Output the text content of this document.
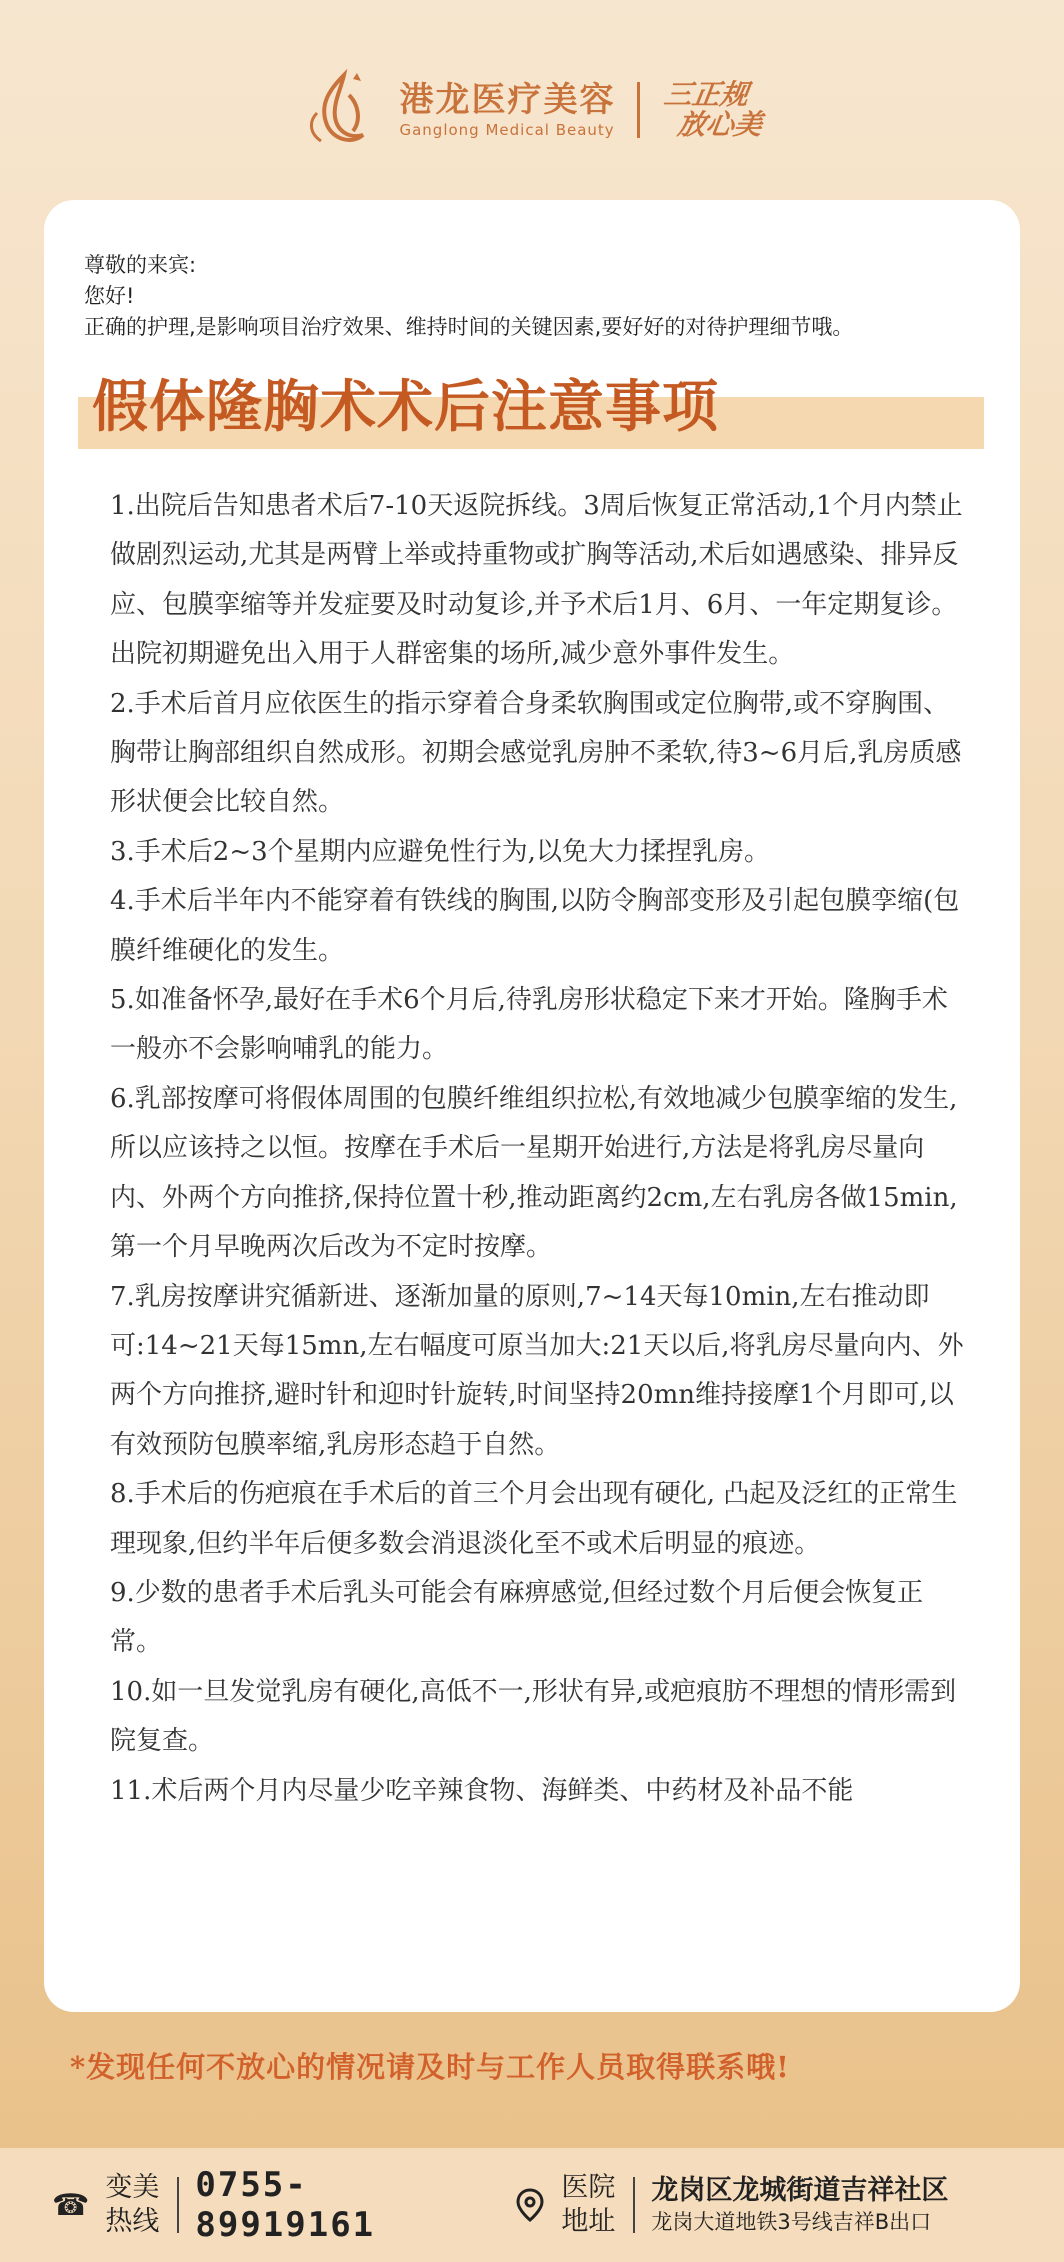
港龙医疗美容
Ganglong Medical Beauty
三正规
放心美
尊敬的来宾:
您好!
正确的护理,是影响项目治疗效果、维持时间的关键因素,要好好的对待护理细节哦。
假体隆胸术术后注意事项

1.出院后告知患者术后7-10天返院拆线。3周后恢复正常活动,1个月内禁止做剧烈运动,尤其是两臂上举或持重物或扩胸等活动,术后如遇感染、排异反应、包膜挛缩等并发症要及时动复诊,并予术后1月、6月、一年定期复诊。出院初期避免出入用于人群密集的场所,减少意外事件发生。

2.手术后首月应依医生的指示穿着合身柔软胸围或定位胸带,或不穿胸围、胸带让胸部组织自然成形。初期会感觉乳房肿不柔软,待3~6月后,乳房质感形状便会比较自然。

3.手术后2~3个星期内应避免性行为,以免大力揉捏乳房。

4.手术后半年内不能穿着有铁线的胸围,以防令胸部变形及引起包膜孪缩(包膜纤维硬化的发生。

5.如准备怀孕,最好在手术6个月后,待乳房形状稳定下来才开始。隆胸手术一般亦不会影响哺乳的能力。

6.乳部按摩可将假体周围的包膜纤维组织拉松,有效地减少包膜挛缩的发生,所以应该持之以恒。按摩在手术后一星期开始进行,方法是将乳房尽量向内、外两个方向推挤,保持位置十秒,推动距离约2cm,左右乳房各做15min,第一个月早晚两次后改为不定时按摩。

7.乳房按摩讲究循新进、逐渐加量的原则,7~14天每10min,左右推动即可:14~21天每15mn,左右幅度可原当加大:21天以后,将乳房尽量向内、外两个方向推挤,避时针和迎时针旋转,时间坚持20mn维持接摩1个月即可,以有效预防包膜率缩,乳房形态趋于自然。

8.手术后的伤疤痕在手术后的首三个月会出现有硬化, 凸起及泛红的正常生理现象,但约半年后便多数会消退淡化至不或术后明显的痕迹。

9.少数的患者手术后乳头可能会有麻痹感觉,但经过数个月后便会恢复正常。

10.如一旦发觉乳房有硬化,高低不一,形状有异,或疤痕肪不理想的情形需到院复查。

11.术后两个月内尽量少吃辛辣食物、海鲜类、中药材及补品不能

*发现任何不放心的情况请及时与工作人员取得联系哦!
☎ 变美
热线
0755-89919161
医院
地址
龙岗区龙城街道吉祥社区
龙岗大道地铁3号线吉祥B出口
